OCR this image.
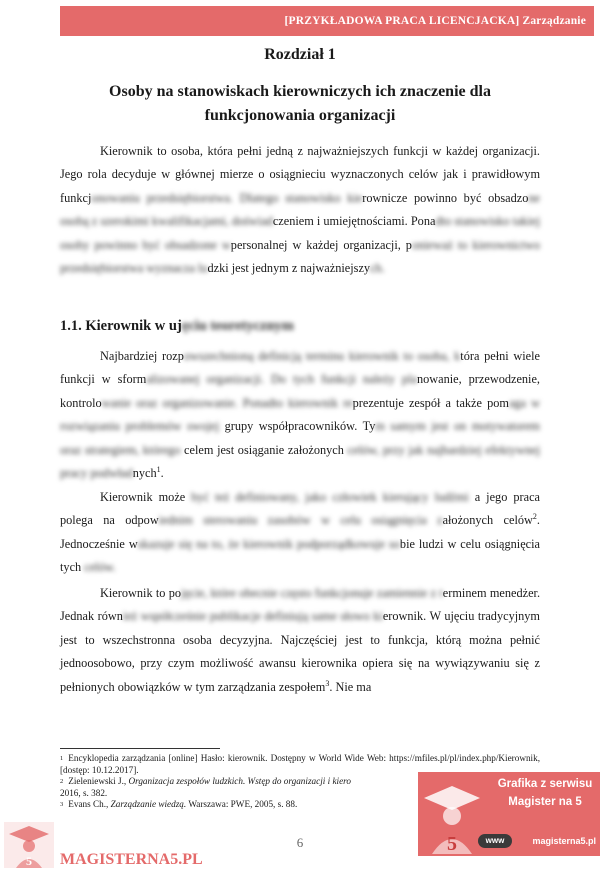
[PRZYKŁADOWA PRACA LICENCJACKA] Zarządzanie
Rozdział 1
Osoby na stanowiskach kierowniczych ich znaczenie dla funkcjonowania organizacji

Kierownik to osoba, która pełni jedną z najważniejszych funkcji w każdej organizacji. Jego rola decyduje w głównej mierze o osiągnieciu wyznaczonych celów jak i prawidłowym funkcjonowaniu przedsiębiorstwa. Dlatego stanowisko kierownicze powinno być obsadzone osobą z szerokimi kwalifikacjami, doświadczeniem i umiejętnościami. Ponadto stanowisko takiej osoby powinno być obsadzone wpersonalnej w każdej organizacji, ponieważ to kierownictwo przedsiębiorstwa wyznacza ludzki jest jednym z najważniejszych.

1.1. Kierownik w ujęciu teoretycznym

Najbardziej rozpowszechnioną definicją terminu kierownik to osoba, która pełni wiele funkcji w sformalizowanej organizacji. Do tych funkcji należy planowanie, przewodzenie, kontrolowanie oraz organizowanie. Ponadto kierownik reprezentuje zespół a także pomaga w rozwiązaniu problemów swojej grupy współpracowników. Tym samym jest on motywatorem oraz strategiem, którego celem jest osiąganie założonych celów, przy jak najbardziej efektywnej pracy podwładnych$^1$.

Kierownik może być też definiowany, jako człowiek kierujący ludźmi a jego praca polega na odpowiednim sterowaniu zasobów w celu osiągnięcia założonych celów$^2$. Jednocześnie wskazuje się na to, że kierownik podporządkowuje sobie ludzi w celu osiągnięcia tych celów.

Kierownik to pojęcie, które obecnie często funkcjonuje zamiennie z terminem menedżer. Jednak również współcześnie publikacje definiują same słowo kierownik. W ujęciu tradycyjnym jest to wszechstronna osoba decyzyjna. Najczęściej jest to funkcja, którą można pełnić jednoosobowo, przy czym możliwość awansu kierownika opiera się na wywiązywaniu się z pełnionych obowiązków w tym zarządzania zespołem$^3$. Nie ma

$^1$ Encyklopedia zarządzania [online] Hasło: kierownik. Dostępny w World Wide Web: https://mfiles.pl/pl/index.php/Kierownik, [dostęp: 10.12.2017].
$^2$ Zieleniewski J., Organizacja zespołów ludzkich. Wstęp do organizacji i kiero
2016, s. 382.
$^3$ Evans Ch., Zarządzanie wiedzą. Warszawa: PWE, 2005, s. 88.
6
5 MAGISTERNA5.PL
5
Grafika z serwisu
Magister na 5
www	magisterna5.pl
